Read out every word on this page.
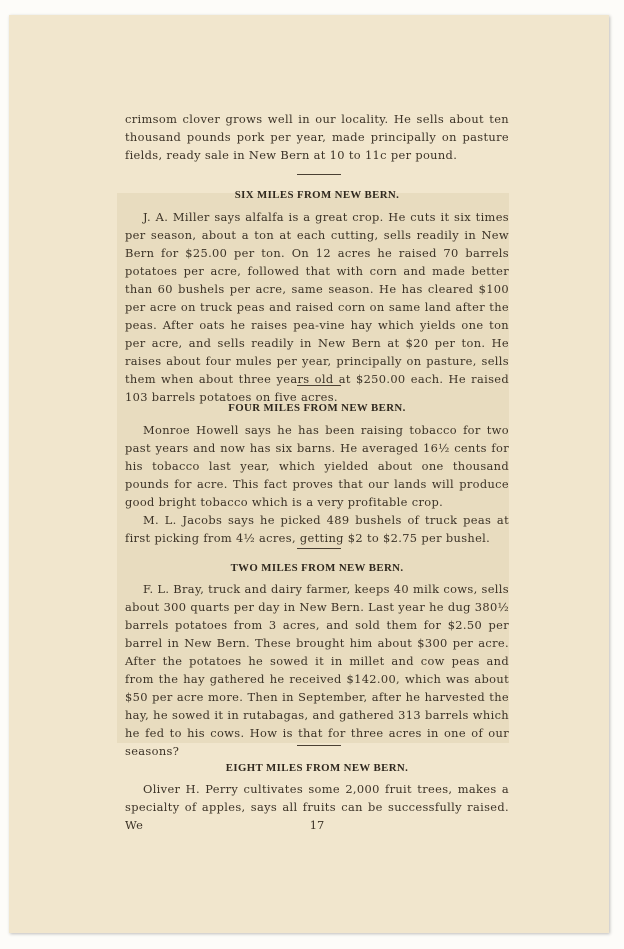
crimsom clover grows well in our locality. He sells about ten thousand pounds pork per year, made principally on pasture fields, ready sale in New Bern at 10 to 11c per pound.

SIX MILES FROM NEW BERN.

J. A. Miller says alfalfa is a great crop. He cuts it six times per season, about a ton at each cutting, sells readily in New Bern for $25.00 per ton. On 12 acres he raised 70 barrels potatoes per acre, followed that with corn and made better than 60 bushels per acre, same season. He has cleared $100 per acre on truck peas and raised corn on same land after the peas. After oats he raises pea-vine hay which yields one ton per acre, and sells readily in New Bern at $20 per ton. He raises about four mules per year, principally on pasture, sells them when about three years old at $250.00 each. He raised 103 barrels potatoes on five acres.

FOUR MILES FROM NEW BERN.

Monroe Howell says he has been raising tobacco for two past years and now has six barns. He averaged 16½ cents for his tobacco last year, which yielded about one thousand pounds for acre. This fact proves that our lands will produce good bright tobacco which is a very profitable crop.

M. L. Jacobs says he picked 489 bushels of truck peas at first picking from 4½ acres, getting $2 to $2.75 per bushel.

TWO MILES FROM NEW BERN.

F. L. Bray, truck and dairy farmer, keeps 40 milk cows, sells about 300 quarts per day in New Bern. Last year he dug 380½ barrels potatoes from 3 acres, and sold them for $2.50 per barrel in New Bern. These brought him about $300 per acre. After the potatoes he sowed it in millet and cow peas and from the hay gathered he received $142.00, which was about $50 per acre more. Then in September, after he harvested the hay, he sowed it in rutabagas, and gathered 313 barrels which he fed to his cows. How is that for three acres in one of our seasons?

EIGHT MILES FROM NEW BERN.

Oliver H. Perry cultivates some 2,000 fruit trees, makes a specialty of apples, says all fruits can be successfully raised. We	17
